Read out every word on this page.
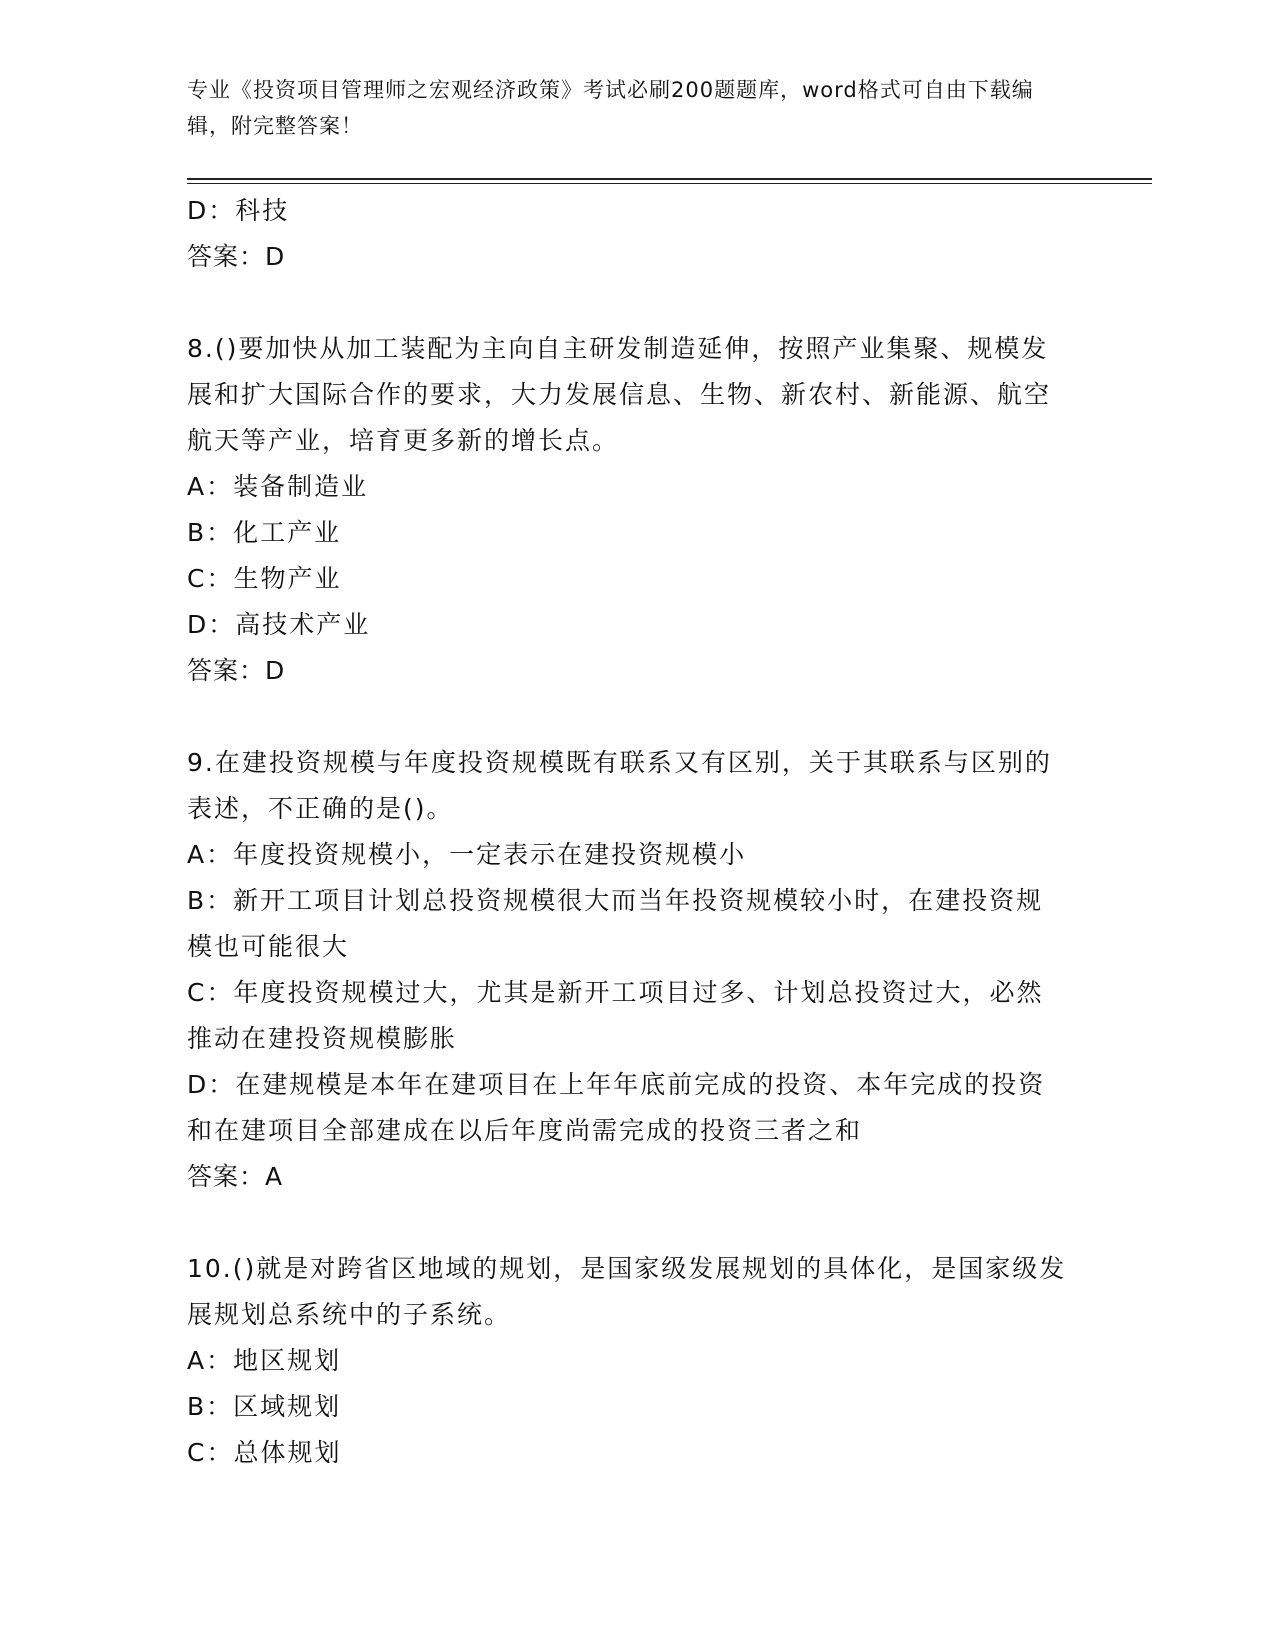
专业《投资项目管理师之宏观经济政策》考试必刷200题题库，word格式可自由下载编辑，附完整答案！

D：科技

答案：D

8.()要加快从加工装配为主向自主研发制造延伸，按照产业集聚、规模发展和扩大国际合作的要求，大力发展信息、生物、新农村、新能源、航空航天等产业，培育更多新的增长点。

A：装备制造业

B：化工产业

C：生物产业

D：高技术产业

答案：D

9.在建投资规模与年度投资规模既有联系又有区别，关于其联系与区别的表述，不正确的是()。

A：年度投资规模小，一定表示在建投资规模小

B：新开工项目计划总投资规模很大而当年投资规模较小时，在建投资规模也可能很大

C：年度投资规模过大，尤其是新开工项目过多、计划总投资过大，必然推动在建投资规模膨胀

D：在建规模是本年在建项目在上年年底前完成的投资、本年完成的投资和在建项目全部建成在以后年度尚需完成的投资三者之和

答案：A

10.()就是对跨省区地域的规划，是国家级发展规划的具体化，是国家级发展规划总系统中的子系统。

A：地区规划

B：区域规划

C：总体规划
